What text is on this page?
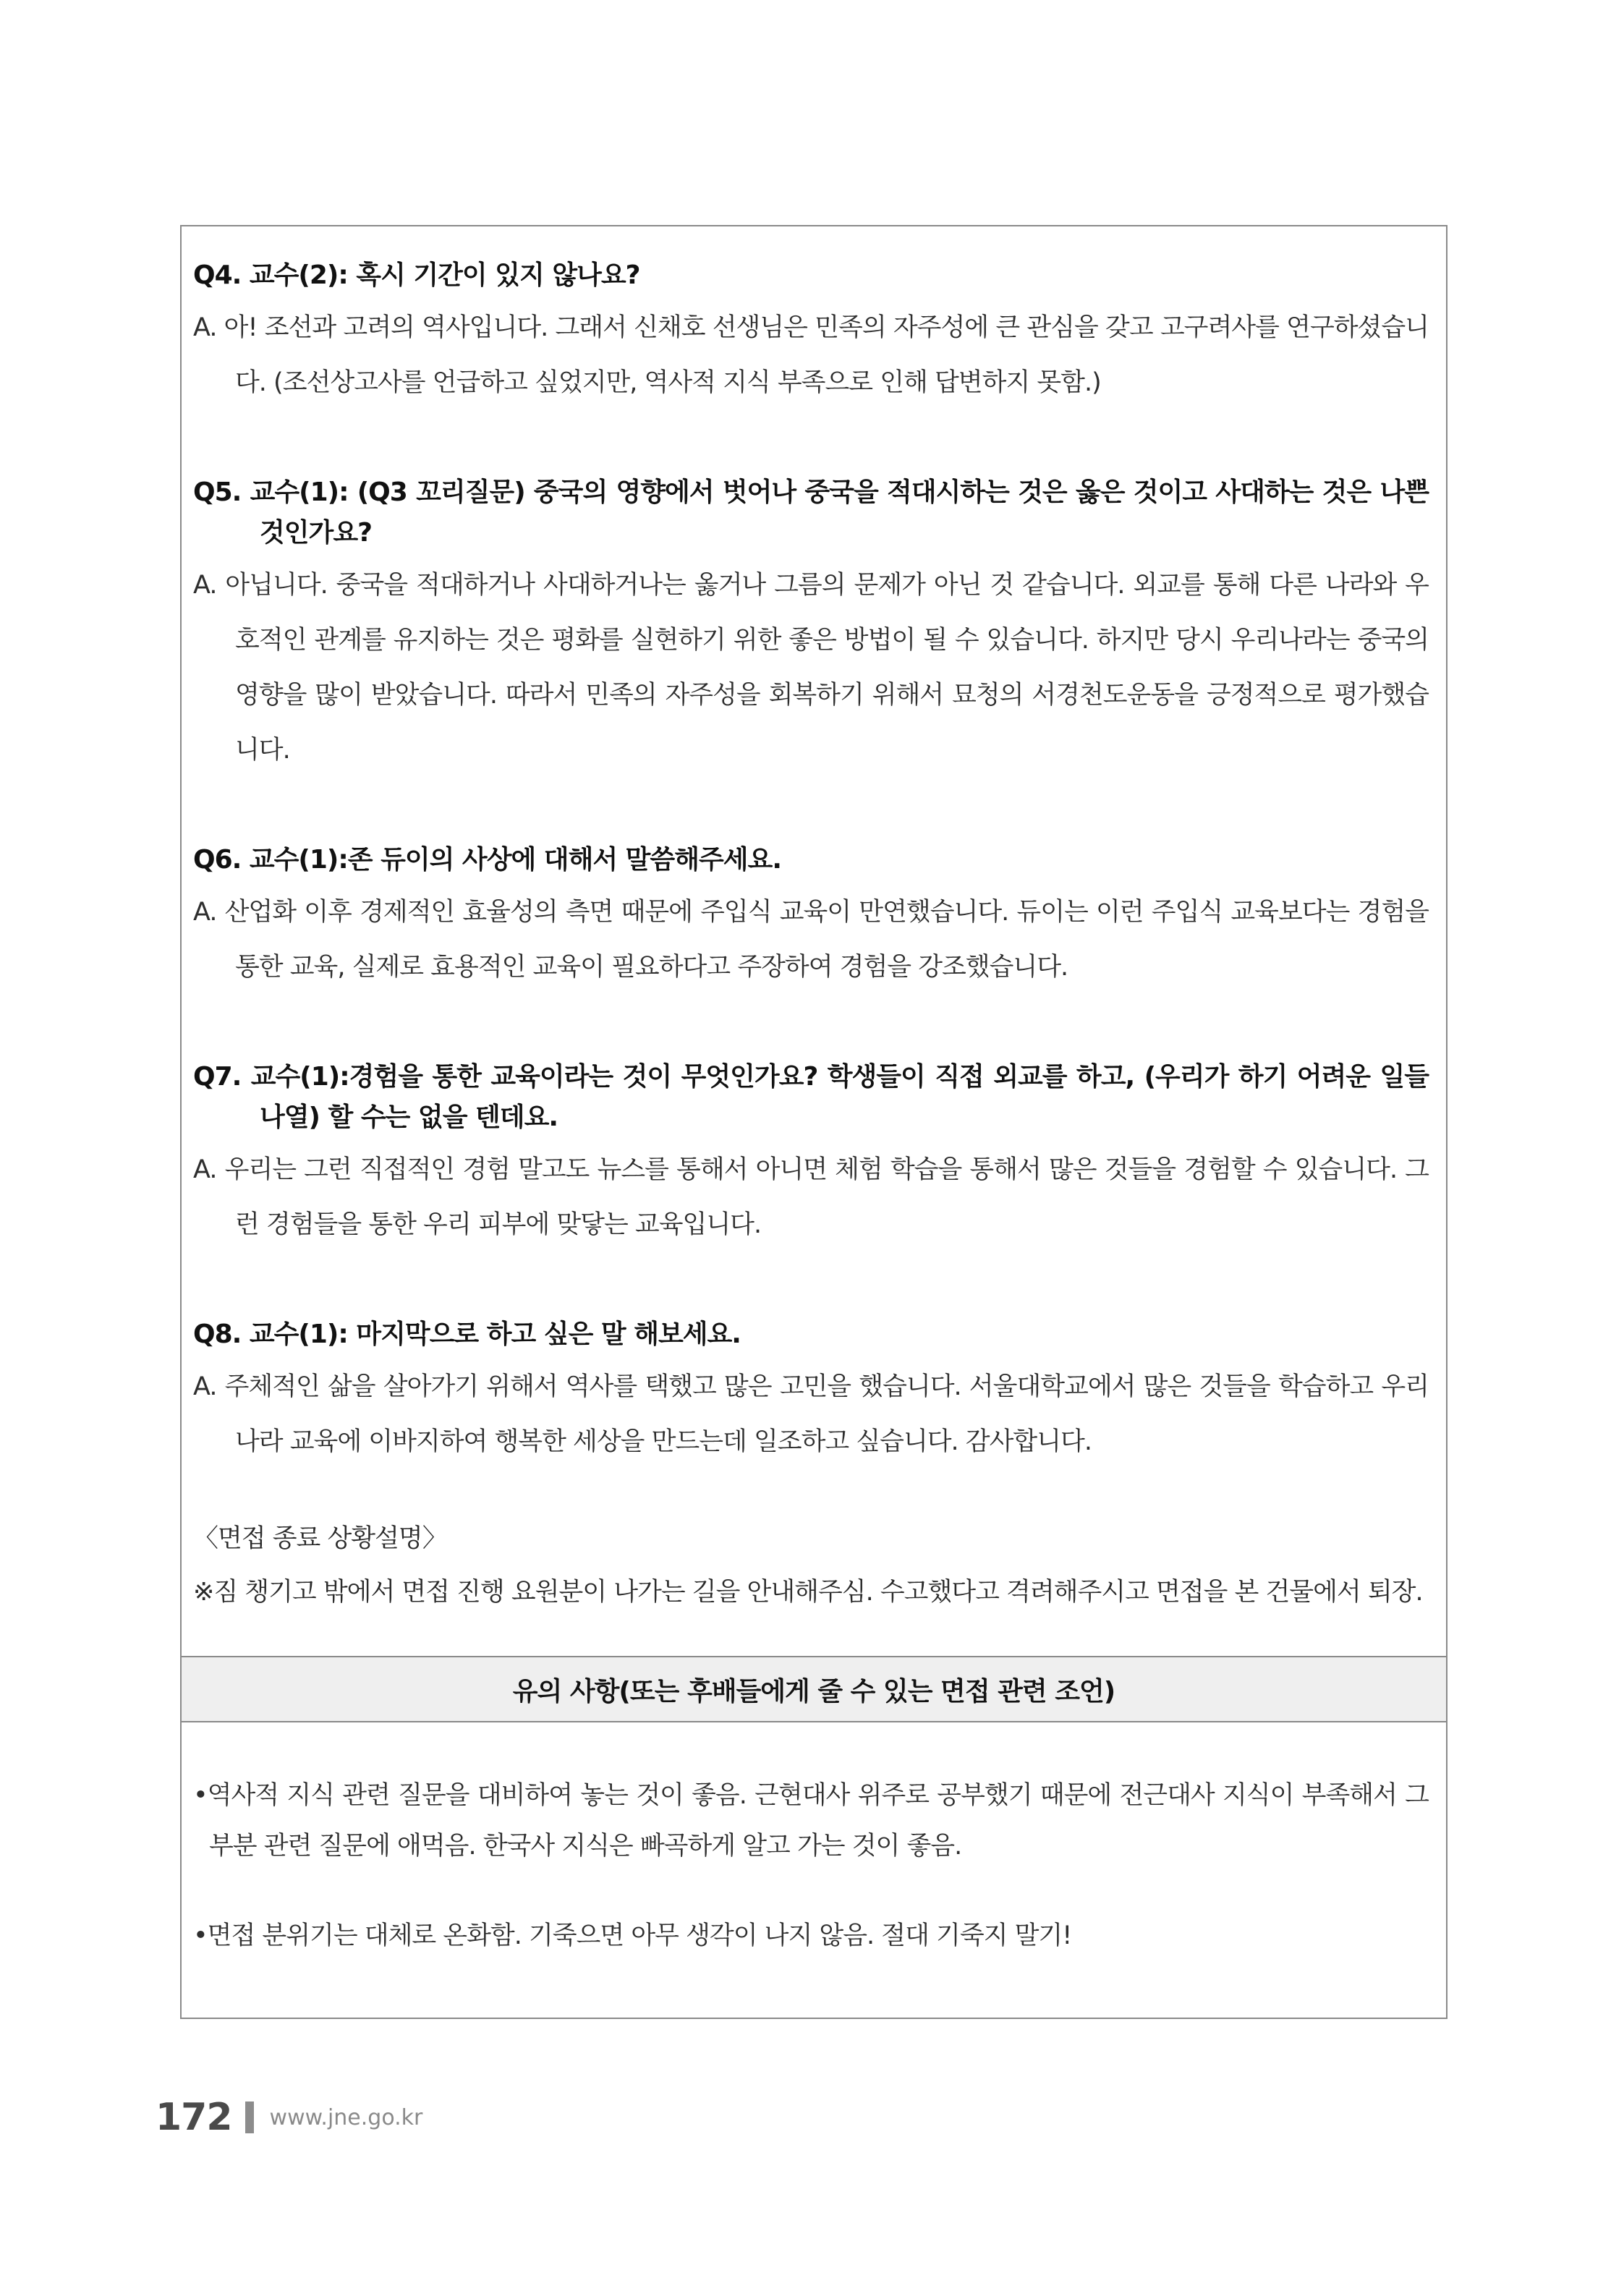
Q4. 교수(2): 혹시 기간이 있지 않나요?

A. 아! 조선과 고려의 역사입니다. 그래서 신채호 선생님은 민족의 자주성에 큰 관심을 갖고 고구려사를 연구하셨습니다. (조선상고사를 언급하고 싶었지만, 역사적 지식 부족으로 인해 답변하지 못함.)

Q5. 교수(1): (Q3 꼬리질문) 중국의 영향에서 벗어나 중국을 적대시하는 것은 옳은 것이고 사대하는 것은 나쁜 것인가요?

A. 아닙니다. 중국을 적대하거나 사대하거나는 옳거나 그름의 문제가 아닌 것 같습니다. 외교를 통해 다른 나라와 우호적인 관계를 유지하는 것은 평화를 실현하기 위한 좋은 방법이 될 수 있습니다. 하지만 당시 우리나라는 중국의 영향을 많이 받았습니다. 따라서 민족의 자주성을 회복하기 위해서 묘청의 서경천도운동을 긍정적으로 평가했습니다.

Q6. 교수(1):존 듀이의 사상에 대해서 말씀해주세요.

A. 산업화 이후 경제적인 효율성의 측면 때문에 주입식 교육이 만연했습니다. 듀이는 이런 주입식 교육보다는 경험을 통한 교육, 실제로 효용적인 교육이 필요하다고 주장하여 경험을 강조했습니다.

Q7. 교수(1):경험을 통한 교육이라는 것이 무엇인가요? 학생들이 직접 외교를 하고, (우리가 하기 어려운 일들 나열) 할 수는 없을 텐데요.

A. 우리는 그런 직접적인 경험 말고도 뉴스를 통해서 아니면 체험 학습을 통해서 많은 것들을 경험할 수 있습니다. 그런 경험들을 통한 우리 피부에 맞닿는 교육입니다.

Q8. 교수(1): 마지막으로 하고 싶은 말 해보세요.

A. 주체적인 삶을 살아가기 위해서 역사를 택했고 많은 고민을 했습니다. 서울대학교에서 많은 것들을 학습하고 우리나라 교육에 이바지하여 행복한 세상을 만드는데 일조하고 싶습니다. 감사합니다.

〈면접 종료 상황설명〉

※짐 챙기고 밖에서 면접 진행 요원분이 나가는 길을 안내해주심. 수고했다고 격려해주시고 면접을 본 건물에서 퇴장.

유의 사항(또는 후배들에게 줄 수 있는 면접 관련 조언)

•역사적 지식 관련 질문을 대비하여 놓는 것이 좋음. 근현대사 위주로 공부했기 때문에 전근대사 지식이 부족해서 그 부분 관련 질문에 애먹음. 한국사 지식은 빠곡하게 알고 가는 것이 좋음.

•면접 분위기는 대체로 온화함. 기죽으면 아무 생각이 나지 않음. 절대 기죽지 말기!

172 www.jne.go.kr
